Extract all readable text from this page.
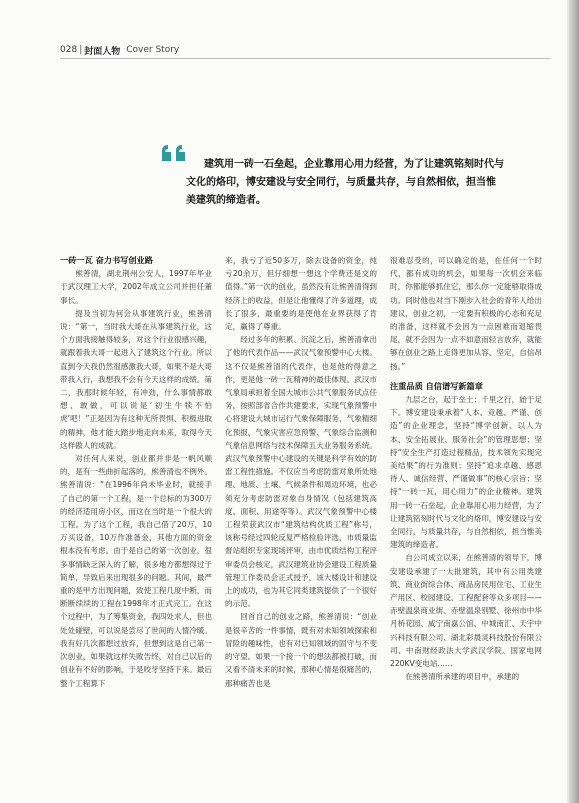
028 | 封面人物 Cover Story
建筑用一砖一石垒起，企业靠用心用力经营，为了让建筑铭刻时代与文化的烙印，博安建设与安全同行，与质量共存，与自然相依，担当惟美建筑的缔造者。

一砖一瓦 奋力书写创业路

熊善清，湖北荆州公安人，1997年毕业于武汉理工大学，2002年成立公司并担任董事长。

提及当初为何会从事建筑行业，熊善清说：“第一，当时我大哥在从事建筑行业，这个方面我接触得较多，对这个行业很感兴趣，就跟着我大哥一起进入了建筑这个行业。所以直到今天我仍然很感激我大哥，如果不是大哥带我入行，我想我不会有今天这样的成绩。第二，我那时候年轻，有冲劲，什么事情都敢想、敢做，可以说是‘初生牛犊不怕虎’吧！”正是因为有这种无所畏惧、积极进取的精神，他才能大踏步地走向未来，取得今天这样傲人的成就。

对任何人来说，创业都并非是一帆风顺的，是有一些曲折起落的，熊善清也不例外。熊善清说：“在1996年尚未毕业时，就接手了自己的第一个工程，是一个总标的为300万的经济适用房小区，而这在当时是一个很大的工程。为了这个工程，我自己借了20万，10万买设备，10万作准备金，其他方面的资金根本没有考虑。由于是自己的第一次创业，很多事情缺乏深入的了解，很多地方都想得过于简单，导致后来出现很多的问题。其间，最严重的是甲方出现问题，致使工程几度中断，而断断续续的工程在1998年才正式完工。在这个过程中，为了筹集资金，我四处求人，但也处处碰壁，可以说是尝尽了世间的人情冷暖。我有好几次都想过放弃，但想到这是自己第一次创业，如果就这样失败告终，对自己以后的创业有不好的影响，于是咬牙坚持下来。最后整个工程算下

来，我亏了近50多万，除去设备的资金，纯亏20余万，但仔细想一想这个学费还是交的值得。”第一次的创业，虽然没有让熊善清得到经济上的收益，但是让他懂得了许多道理，成长了很多，最重要的是使他在业界获得了肯定，赢得了尊重。

经过多年的积累、沉淀之后，熊善清拿出了他的代表作品——武汉气象预警中心大楼。这不仅是熊善清的代表作，也是他的得意之作，更是他一砖一瓦精神的最佳体现。武汉市气象局承担着全国大城市公共气象服务试点任务，按照部省合作共建要求，实现气象预警中心将建设大城市运行气象保障服务、气象精细化预报、气象灾害应急预警、气象综合监测和气象信息网络与技术保障五大业务服务系统。武汉气象预警中心建设的关键是科学有效的防雷工程性措施。不仅应当考虑防雷对象所处地理、地质、土壤、气候条件和周边环境，也必须充分考虑防雷对象自身情况（包括建筑高度、面积、用途等等）。武汉气象预警中心楼工程荣获武汉市“建筑结构优质工程”称号，该称号经过四轮反复严格检验评选，市质量监督站组织专家现场评审，由市优质结构工程评审委员会核定，武汉建筑业协会建设工程质量管理工作委员会正式授予，该大楼设计和建设上的成功，也为其它同类建筑提供了一个很好的示范。

回首自己的创业之路，熊善清说：“创业是很辛苦的一件事情，既有对未知领域探索和冒险的趣味性，也有对已知领域的固守与不变的守望。如果一个接一个的想法都被打破，而又看不清未来的时候，那种心情是很痛苦的，那种痛苦也是

很难忍受的，可以确定的是，在任何一个时代，都有成功的机会，如果每一次机会来临时，你都能够抓住它，那么你一定能够取得成功。同时他也对当下刚步入社会的青年人给出建议，创业之初，一定要有积极的心态和充足的准备，这样就不会因为一点困难而退缩畏尾，就不会因为一点不如意而轻言放弃，就能够在创业之路上走得更加从容、坚定，自信昂扬。”

注重品质 自信谱写新篇章

九层之台，起于垒土；千里之行，始于足下。博安建设秉承着“人本、竞越、严谨、创造”的企业理念，坚持“博学创新、以人为本、安全拓展业、服务社会”的管理思想；坚持“安全生产打造过程精品，技术领先实现完美结果”的行为准则；坚持“追求卓越、感恩待人、诚信经营、严谨做事”的核心宗旨；坚持“一砖一瓦，用心用力”的企业精神。建筑用一砖一石垒起，企业靠用心用力经营，为了让建筑铭刻时代与文化的烙印，博安建设与安全同行，与质量共存，与自然相依，担当惟美建筑的缔造者。

自公司成立以来，在熊善清的领导下，博安建设承建了一大批建筑，其中有公用类建筑、商业街综合体、商品房民用住宅、工业生产用区、校园建设、工程配套等众多项目——赤壁温泉商业街、赤壁温泉别墅、徐州市中华月桥花园、咸宁南嘉公馆、中城南汇、天宇中兴科技有限公司、湖北彩晨灵科技股份有限公司、中南财经政法大学武汉学院、国家电网220KV变电站……

在熊善清所承建的项目中，承建的
